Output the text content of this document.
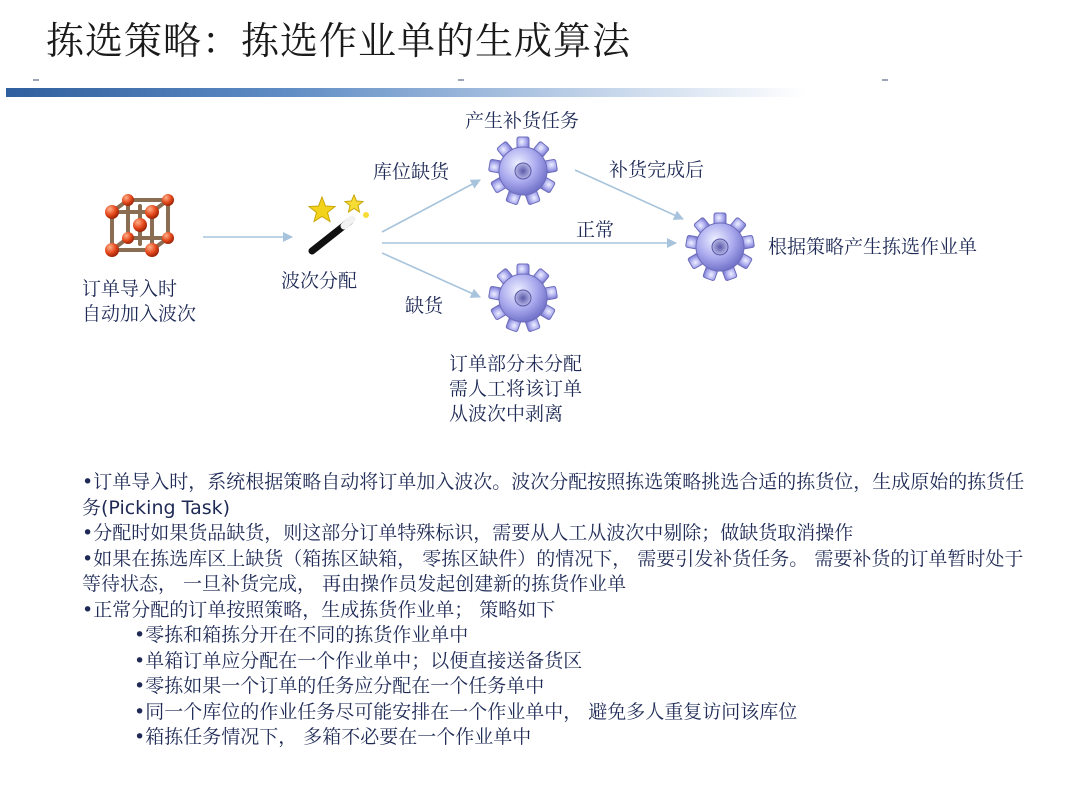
拣选策略：拣选作业单的生成算法
订单导入时
自动加入波次
波次分配
产生补货任务
根据策略产生拣选作业单
订单部分未分配
需人工将该订单
从波次中剥离
库位缺货	补货完成后
正常
缺货

•订单导入时，系统根据策略自动将订单加入波次。波次分配按照拣选策略挑选合适的拣货位，生成原始的拣货任务(Picking Task)

•分配时如果货品缺货，则这部分订单特殊标识，需要从人工从波次中剔除；做缺货取消操作

•如果在拣选库区上缺货（箱拣区缺箱， 零拣区缺件）的情况下， 需要引发补货任务。 需要补货的订单暂时处于等待状态， 一旦补货完成， 再由操作员发起创建新的拣货作业单

•正常分配的订单按照策略，生成拣货作业单； 策略如下

•零拣和箱拣分开在不同的拣货作业单中

•单箱订单应分配在一个作业单中；以便直接送备货区

•零拣如果一个订单的任务应分配在一个任务单中

•同一个库位的作业任务尽可能安排在一个作业单中， 避免多人重复访问该库位

•箱拣任务情况下， 多箱不必要在一个作业单中
